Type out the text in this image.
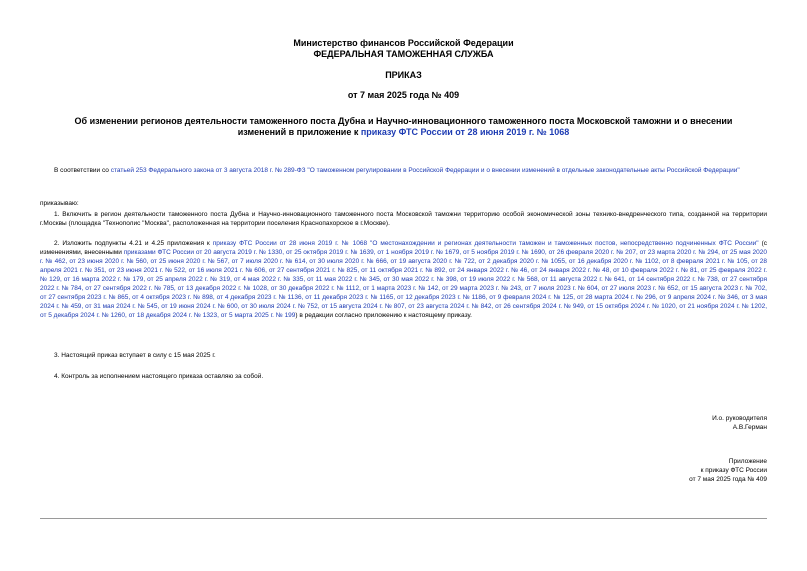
Министерство финансов Российской Федерации
ФЕДЕРАЛЬНАЯ ТАМОЖЕННАЯ СЛУЖБА
ПРИКАЗ
от 7 мая 2025 года № 409
Об изменении регионов деятельности таможенного поста Дубна и Научно-инновационного таможенного поста Московской таможни и о внесении изменений в приложение к приказу ФТС России от 28 июня 2019 г. № 1068
В соответствии со статьей 253 Федерального закона от 3 августа 2018 г. № 289-ФЗ "О таможенном регулировании в Российской Федерации и о внесении изменений в отдельные законодательные акты Российской Федерации"
приказываю:
1. Включить в регион деятельности таможенного поста Дубна и Научно-инновационного таможенного поста Московской таможни территорию особой экономической зоны технико-внедренческого типа, созданной на территории г.Москвы (площадка "Технополис "Москва", расположенная на территории поселения Краснопахорское в г.Москве).
2. Изложить подпункты 4.21 и 4.25 приложения к приказу ФТС России от 28 июня 2019 г. № 1068 "О местонахождении и регионах деятельности таможен и таможенных постов, непосредственно подчиненных ФТС России" (с изменениями, внесенными приказами ФТС России от 20 августа 2019 г. № 1330, от 25 октября 2019 г. № 1639, от 1 ноября 2019 г. № 1679, от 5 ноября 2019 г. № 1690, от 26 февраля 2020 г. № 207, от 23 марта 2020 г. № 294, от 25 мая 2020 г. № 462, от 23 июня 2020 г. № 560, от 25 июня 2020 г. № 567, от 7 июля 2020 г. № 614, от 30 июля 2020 г. № 666, от 19 августа 2020 г. № 722, от 2 декабря 2020 г. № 1055, от 16 декабря 2020 г. № 1102, от 8 февраля 2021 г. № 105, от 28 апреля 2021 г. № 351, от 23 июня 2021 г. № 522, от 16 июля 2021 г. № 606, от 27 сентября 2021 г. № 825, от 11 октября 2021 г. № 892, от 24 января 2022 г. № 46, от 24 января 2022 г. № 48, от 10 февраля 2022 г. № 81, от 25 февраля 2022 г. № 129, от 16 марта 2022 г. № 179, от 25 апреля 2022 г. № 319, от 4 мая 2022 г. № 335, от 11 мая 2022 г. № 345, от 30 мая 2022 г. № 398, от 19 июля 2022 г. № 568, от 11 августа 2022 г. № 641, от 14 сентября 2022 г. № 738, от 27 сентября 2022 г. № 784, от 27 сентября 2022 г. № 785, от 13 декабря 2022 г. № 1028, от 30 декабря 2022 г. № 1112, от 1 марта 2023 г. № 142, от 29 марта 2023 г. № 243, от 7 июля 2023 г. № 604, от 27 июля 2023 г. № 652, от 15 августа 2023 г. № 702, от 27 сентября 2023 г. № 865, от 4 октября 2023 г. № 898, от 4 декабря 2023 г. № 1136, от 11 декабря 2023 г. № 1165, от 12 декабря 2023 г. № 1186, от 9 февраля 2024 г. № 125, от 28 марта 2024 г. № 296, от 9 апреля 2024 г. № 346, от 3 мая 2024 г. № 459, от 31 мая 2024 г. № 545, от 19 июня 2024 г. № 600, от 30 июля 2024 г. № 752, от 15 августа 2024 г. № 807, от 23 августа 2024 г. № 842, от 26 сентября 2024 г. № 949, от 15 октября 2024 г. № 1020, от 21 ноября 2024 г. № 1202, от 5 декабря 2024 г. № 1260, от 18 декабря 2024 г. № 1323, от 5 марта 2025 г. № 199) в редакции согласно приложению к настоящему приказу.
3. Настоящий приказ вступает в силу с 15 мая 2025 г.
4. Контроль за исполнением настоящего приказа оставляю за собой.
И.о. руководителя
А.В.Герман
Приложение
к приказу ФТС России
от 7 мая 2025 года № 409
